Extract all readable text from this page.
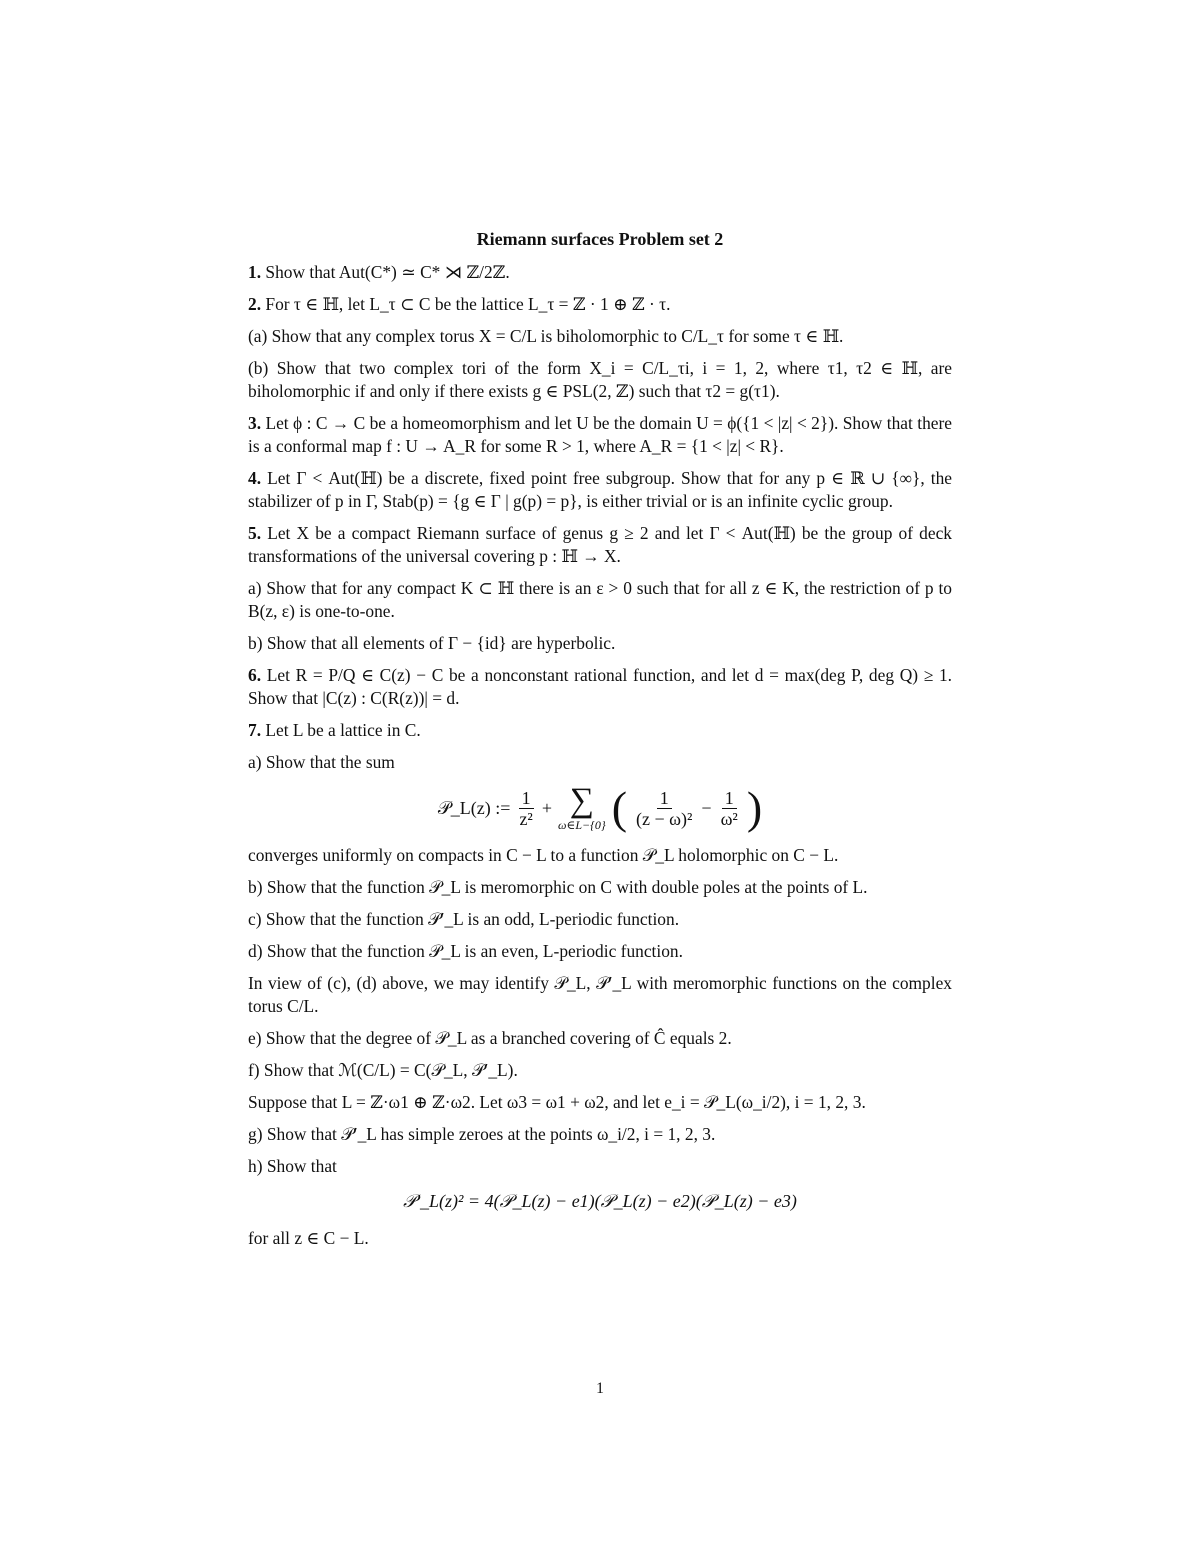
Riemann surfaces Problem set 2

1. Show that Aut(C*) ≃ C* ⋊ ℤ/2ℤ.

2. For τ ∈ ℍ, let L_τ ⊂ C be the lattice L_τ = ℤ · 1 ⊕ ℤ · τ.

(a) Show that any complex torus X = C/L is biholomorphic to C/L_τ for some τ ∈ ℍ.

(b) Show that two complex tori of the form X_i = C/L_τi, i = 1, 2, where τ1, τ2 ∈ ℍ, are biholomorphic if and only if there exists g ∈ PSL(2, ℤ) such that τ2 = g(τ1).

3. Let ϕ : C → C be a homeomorphism and let U be the domain U = ϕ({1 < |z| < 2}). Show that there is a conformal map f : U → A_R for some R > 1, where A_R = {1 < |z| < R}.

4. Let Γ < Aut(ℍ) be a discrete, fixed point free subgroup. Show that for any p ∈ ℝ ∪ {∞}, the stabilizer of p in Γ, Stab(p) = {g ∈ Γ | g(p) = p}, is either trivial or is an infinite cyclic group.

5. Let X be a compact Riemann surface of genus g ≥ 2 and let Γ < Aut(ℍ) be the group of deck transformations of the universal covering p : ℍ → X.

a) Show that for any compact K ⊂ ℍ there is an ε > 0 such that for all z ∈ K, the restriction of p to B(z, ε) is one-to-one.

b) Show that all elements of Γ − {id} are hyperbolic.

6. Let R = P/Q ∈ C(z) − C be a nonconstant rational function, and let d = max(deg P, deg Q) ≥ 1. Show that |C(z) : C(R(z))| = d.

7. Let L be a lattice in C.

a) Show that the sum

𝒫_L(z) := $\frac{1}{\text{z²}}$ + ∑
ω∈L−{0} ( $\frac{1}{\text{(z − ω)²}} - \frac{1}{\text{ω²}}$ )

converges uniformly on compacts in C − L to a function 𝒫_L holomorphic on C − L.

b) Show that the function 𝒫_L is meromorphic on C with double poles at the points of L.

c) Show that the function 𝒫′_L is an odd, L-periodic function.

d) Show that the function 𝒫_L is an even, L-periodic function.

In view of (c), (d) above, we may identify 𝒫_L, 𝒫′_L with meromorphic functions on the complex torus C/L.

e) Show that the degree of 𝒫_L as a branched covering of Ĉ equals 2.

f) Show that ℳ(C/L) = C(𝒫_L, 𝒫′_L).

Suppose that L = ℤ·ω1 ⊕ ℤ·ω2. Let ω3 = ω1 + ω2, and let e_i = 𝒫_L(ω_i/2), i = 1, 2, 3.

g) Show that 𝒫′_L has simple zeroes at the points ω_i/2, i = 1, 2, 3.

h) Show that

𝒫′_L(z)² = 4(𝒫_L(z) − e1)(𝒫_L(z) − e2)(𝒫_L(z) − e3)

for all z ∈ C − L.

1
